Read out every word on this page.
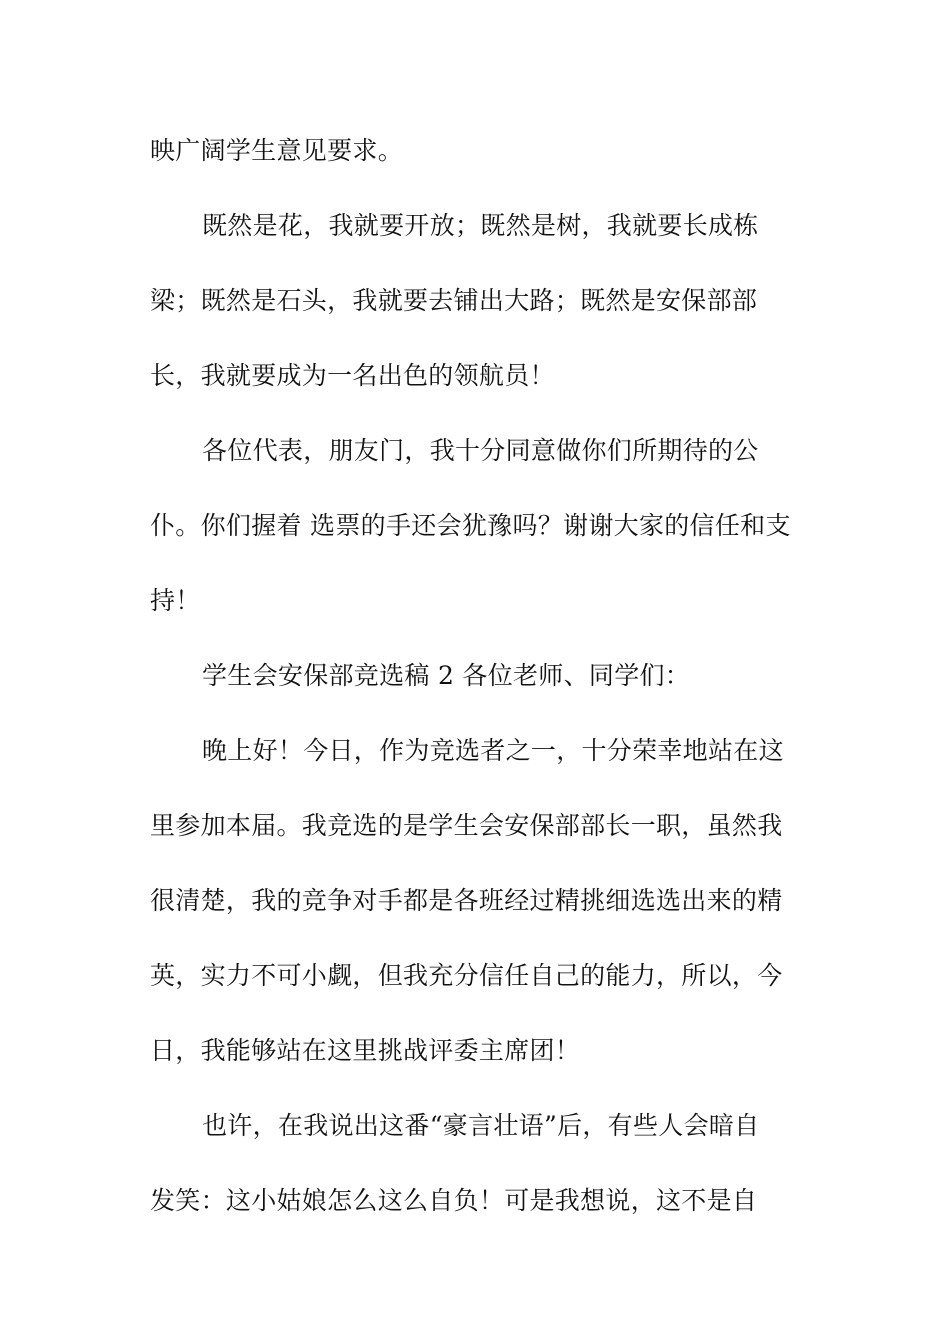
映广阔学生意见要求。
既然是花，我就要开放；既然是树，我就要长成栋
梁；既然是石头，我就要去铺出大路；既然是安保部部
长，我就要成为一名出色的领航员！
各位代表，朋友门，我十分同意做你们所期待的公
仆。你们握着 选票的手还会犹豫吗？谢谢大家的信任和支
持！
学生会安保部竞选稿 2 各位老师、同学们：
晚上好！今日，作为竞选者之一，十分荣幸地站在这
里参加本届。我竞选的是学生会安保部部长一职，虽然我
很清楚，我的竞争对手都是各班经过精挑细选选出来的精
英，实力不可小觑，但我充分信任自己的能力，所以，今
日，我能够站在这里挑战评委主席团！
也许，在我说出这番“豪言壮语”后，有些人会暗自
发笑：这小姑娘怎么这么自负！可是我想说，这不是自
